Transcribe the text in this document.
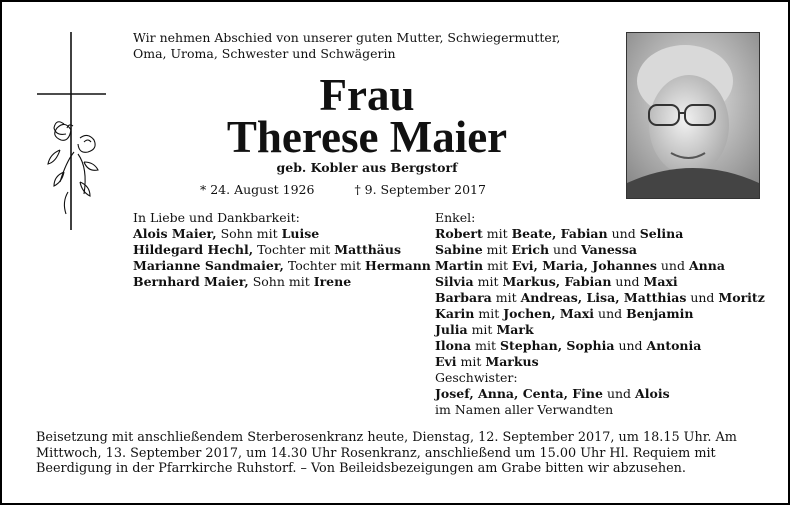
Wir nehmen Abschied von unserer guten Mutter, Schwiegermutter,
Oma, Uroma, Schwester und Schwägerin
Frau
Therese Maier
geb. Kobler aus Bergstorf
* 24. August 1926	† 9. September 2017
In Liebe und Dankbarkeit:
Alois Maier, Sohn mit Luise
Hildegard Hechl, Tochter mit Matthäus
Marianne Sandmaier, Tochter mit Hermann
Bernhard Maier, Sohn mit Irene
Enkel:
Robert mit Beate, Fabian und Selina
Sabine mit Erich und Vanessa
Martin mit Evi, Maria, Johannes und Anna
Silvia mit Markus, Fabian und Maxi
Barbara mit Andreas, Lisa, Matthias und Moritz
Karin mit Jochen, Maxi und Benjamin
Julia mit Mark
Ilona mit Stephan, Sophia und Antonia
Evi mit Markus
Geschwister:
Josef, Anna, Centa, Fine und Alois
im Namen aller Verwandten
Beisetzung mit anschließendem Sterberosenkranz heute, Dienstag, 12. September 2017, um 18.15 Uhr. Am Mittwoch, 13. September 2017, um 14.30 Uhr Rosenkranz, anschließend um 15.00 Uhr Hl. Requiem mit Beerdigung in der Pfarrkirche Ruhstorf. – Von Beileidsbezeigungen am Grabe bitten wir abzusehen.
